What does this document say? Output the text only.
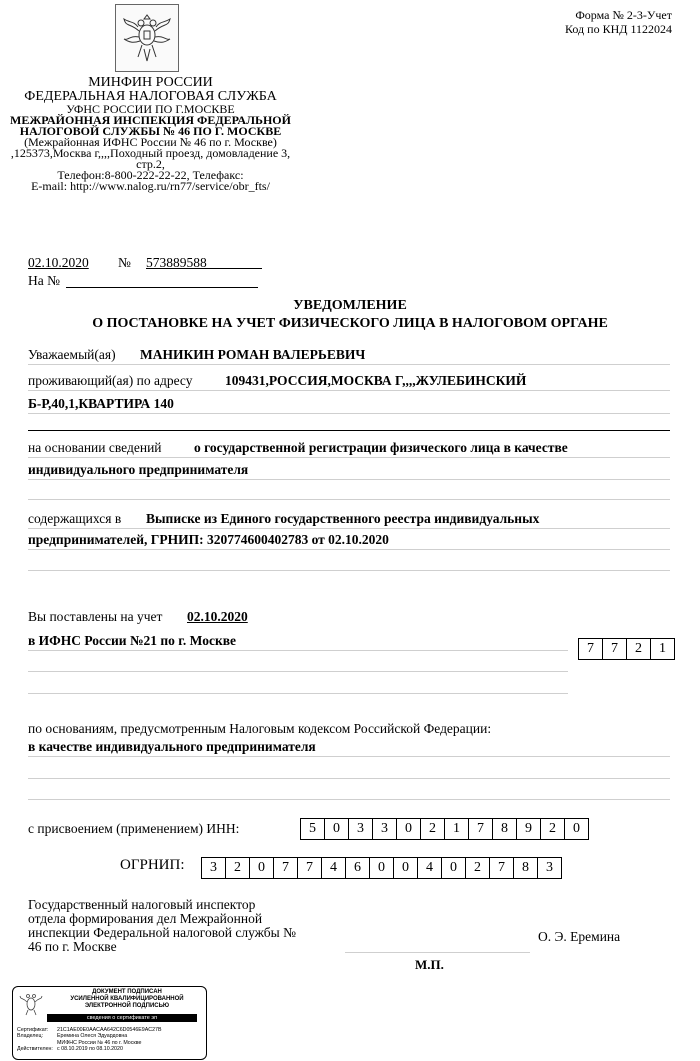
Форма № 2-3-Учет
Код по КНД 1122024
МИНФИН РОССИИ
ФЕДЕРАЛЬНАЯ НАЛОГОВАЯ СЛУЖБА
УФНС РОССИИ ПО Г.МОСКВЕ
МЕЖРАЙОННАЯ ИНСПЕКЦИЯ ФЕДЕРАЛЬНОЙ
НАЛОГОВОЙ СЛУЖБЫ № 46 ПО Г. МОСКВЕ
(Межрайонная ИФНС России № 46 по г. Москве)
,125373,Москва г,,,,Походный проезд, домовладение 3,
стр.2,
Телефон:8-800-222-22-22, Телефакс:
E-mail: http://www.nalog.ru/rn77/service/obr_fts/
02.10.2020 № 573889588
На №
УВЕДОМЛЕНИЕ
О ПОСТАНОВКЕ НА УЧЕТ ФИЗИЧЕСКОГО ЛИЦА В НАЛОГОВОМ ОРГАНЕ
Уважаемый(ая) МАНИКИН РОМАН ВАЛЕРЬЕВИЧ
проживающий(ая) по адресу 109431,РОССИЯ,МОСКВА Г,,,,ЖУЛЕБИНСКИЙ
Б-Р,40,1,КВАРТИРА 140
на основании сведений о государственной регистрации физического лица в качестве
индивидуального предпринимателя
содержащихся в Выписке из Единого государственного реестра индивидуальных
предпринимателей, ГРНИП: 320774600402783 от 02.10.2020
Вы поставлены на учет 02.10.2020
в ИФНС России №21 по г. Москве
7	7	2	1
по основаниям, предусмотренным Налоговым кодексом Российской Федерации:
в качестве индивидуального предпринимателя
с присвоением (применением) ИНН:	5	0	3	3	0	2	1	7	8	9	2	0
ОГРНИП:	3	2	0	7	7	4	6	0	0	4	0	2	7	8	3
Государственный налоговый инспектор
отдела формирования дел Межрайонной
инспекции Федеральной налоговой службы №
46 по г. Москве
О. Э. Еремина
М.П.
ДОКУМЕНТ ПОДПИСАН
УСИЛЕННОЙ КВАЛИФИЦИРОВАННОЙ
ЭЛЕКТРОННОЙ ПОДПИСЬЮ
сведения о сертификате эп
Сертификат: 21C1AE00E0AACAA642C6D0546E9AC27B
Владелец:	Еремина Олеся Эдуардовна
МИФНС России № 46 по г. Москве
Действителен: с 08.10.2019 по 08.10.2020
